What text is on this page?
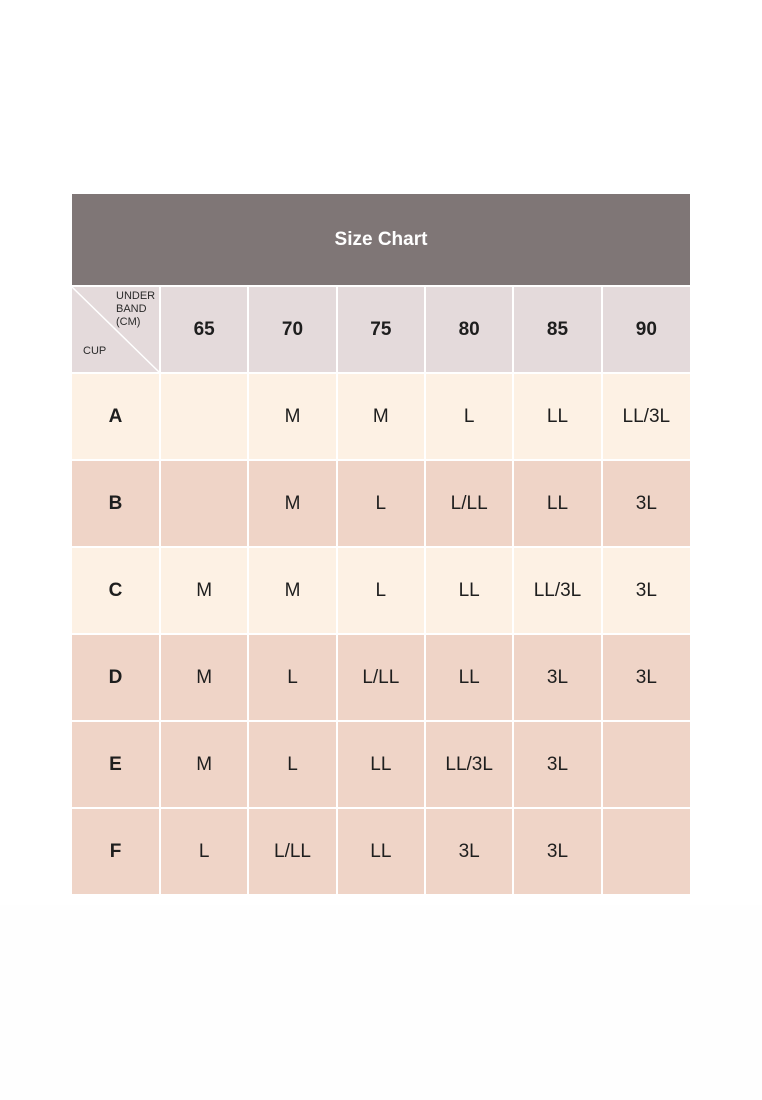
Size Chart
UNDER
BAND
(CM)
CUP	65	70	75	80	85	90
A		M	M	L	LL	LL/3L
B		M	L	L/LL	LL	3L
C	M	M	L	LL	LL/3L	3L
D	M	L	L/LL	LL	3L	3L
E	M	L	LL	LL/3L	3L	
F	L	L/LL	LL	3L	3L	
